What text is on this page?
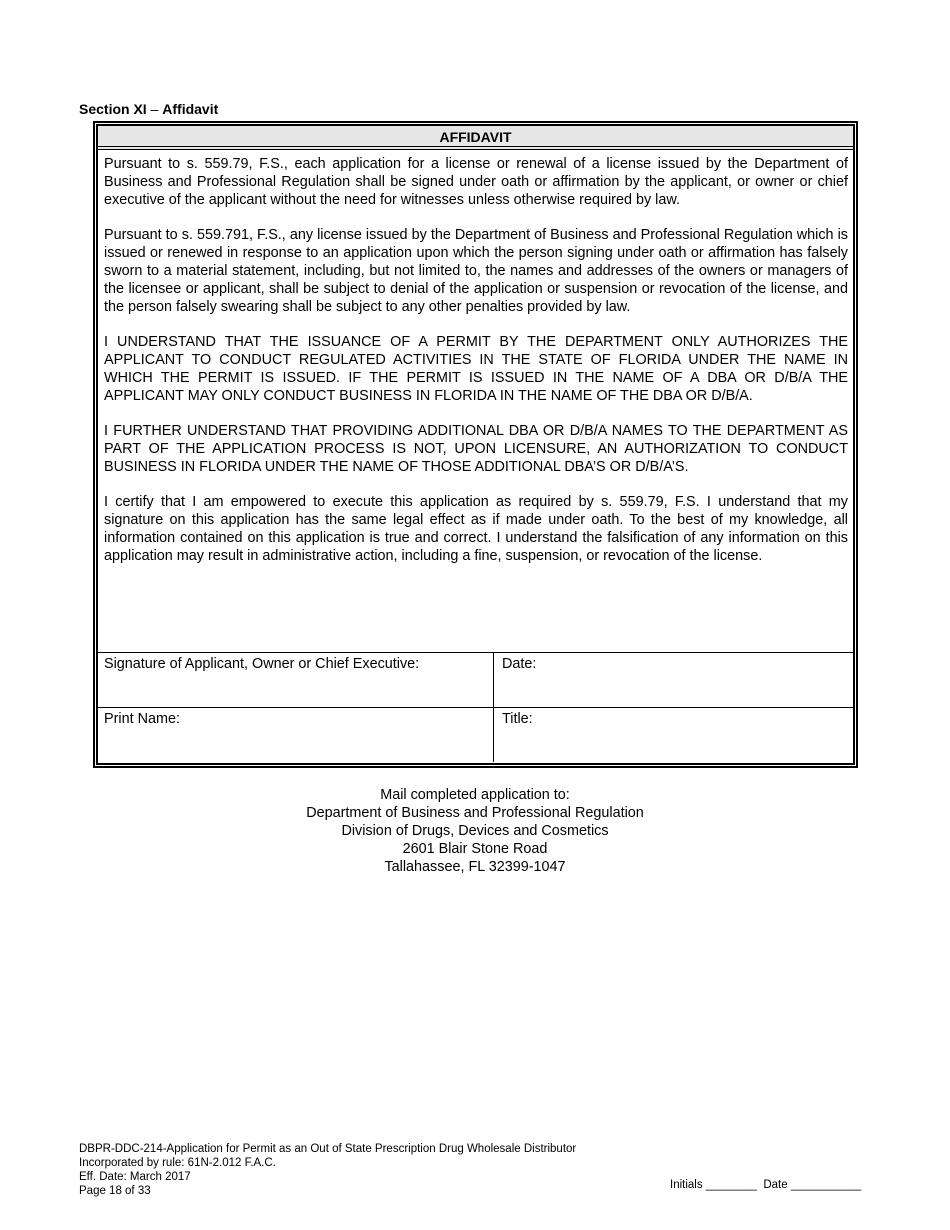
Section XI – Affidavit
AFFIDAVIT

Pursuant to s. 559.79, F.S., each application for a license or renewal of a license issued by the Department of Business and Professional Regulation shall be signed under oath or affirmation by the applicant, or owner or chief executive of the applicant without the need for witnesses unless otherwise required by law.

Pursuant to s. 559.791, F.S., any license issued by the Department of Business and Professional Regulation which is issued or renewed in response to an application upon which the person signing under oath or affirmation has falsely sworn to a material statement, including, but not limited to, the names and addresses of the owners or managers of the licensee or applicant, shall be subject to denial of the application or suspension or revocation of the license, and the person falsely swearing shall be subject to any other penalties provided by law.

I UNDERSTAND THAT THE ISSUANCE OF A PERMIT BY THE DEPARTMENT ONLY AUTHORIZES THE APPLICANT TO CONDUCT REGULATED ACTIVITIES IN THE STATE OF FLORIDA UNDER THE NAME IN WHICH THE PERMIT IS ISSUED. IF THE PERMIT IS ISSUED IN THE NAME OF A DBA OR D/B/A THE APPLICANT MAY ONLY CONDUCT BUSINESS IN FLORIDA IN THE NAME OF THE DBA OR D/B/A.

I FURTHER UNDERSTAND THAT PROVIDING ADDITIONAL DBA OR D/B/A NAMES TO THE DEPARTMENT AS PART OF THE APPLICATION PROCESS IS NOT, UPON LICENSURE, AN AUTHORIZATION TO CONDUCT BUSINESS IN FLORIDA UNDER THE NAME OF THOSE ADDITIONAL DBA’S OR D/B/A’S.

I certify that I am empowered to execute this application as required by s. 559.79, F.S. I understand that my signature on this application has the same legal effect as if made under oath. To the best of my knowledge, all information contained on this application is true and correct. I understand the falsification of any information on this application may result in administrative action, including a fine, suspension, or revocation of the license.

Signature of Applicant, Owner or Chief Executive:	Date:
Print Name:	Title:
Mail completed application to:
Department of Business and Professional Regulation
Division of Drugs, Devices and Cosmetics
2601 Blair Stone Road
Tallahassee, FL 32399-1047
DBPR-DDC-214-Application for Permit as an Out of State Prescription Drug Wholesale Distributor
Incorporated by rule: 61N-2.012 F.A.C.
Eff. Date: March 2017
Page 18 of 33	Initials ________  Date ___________
